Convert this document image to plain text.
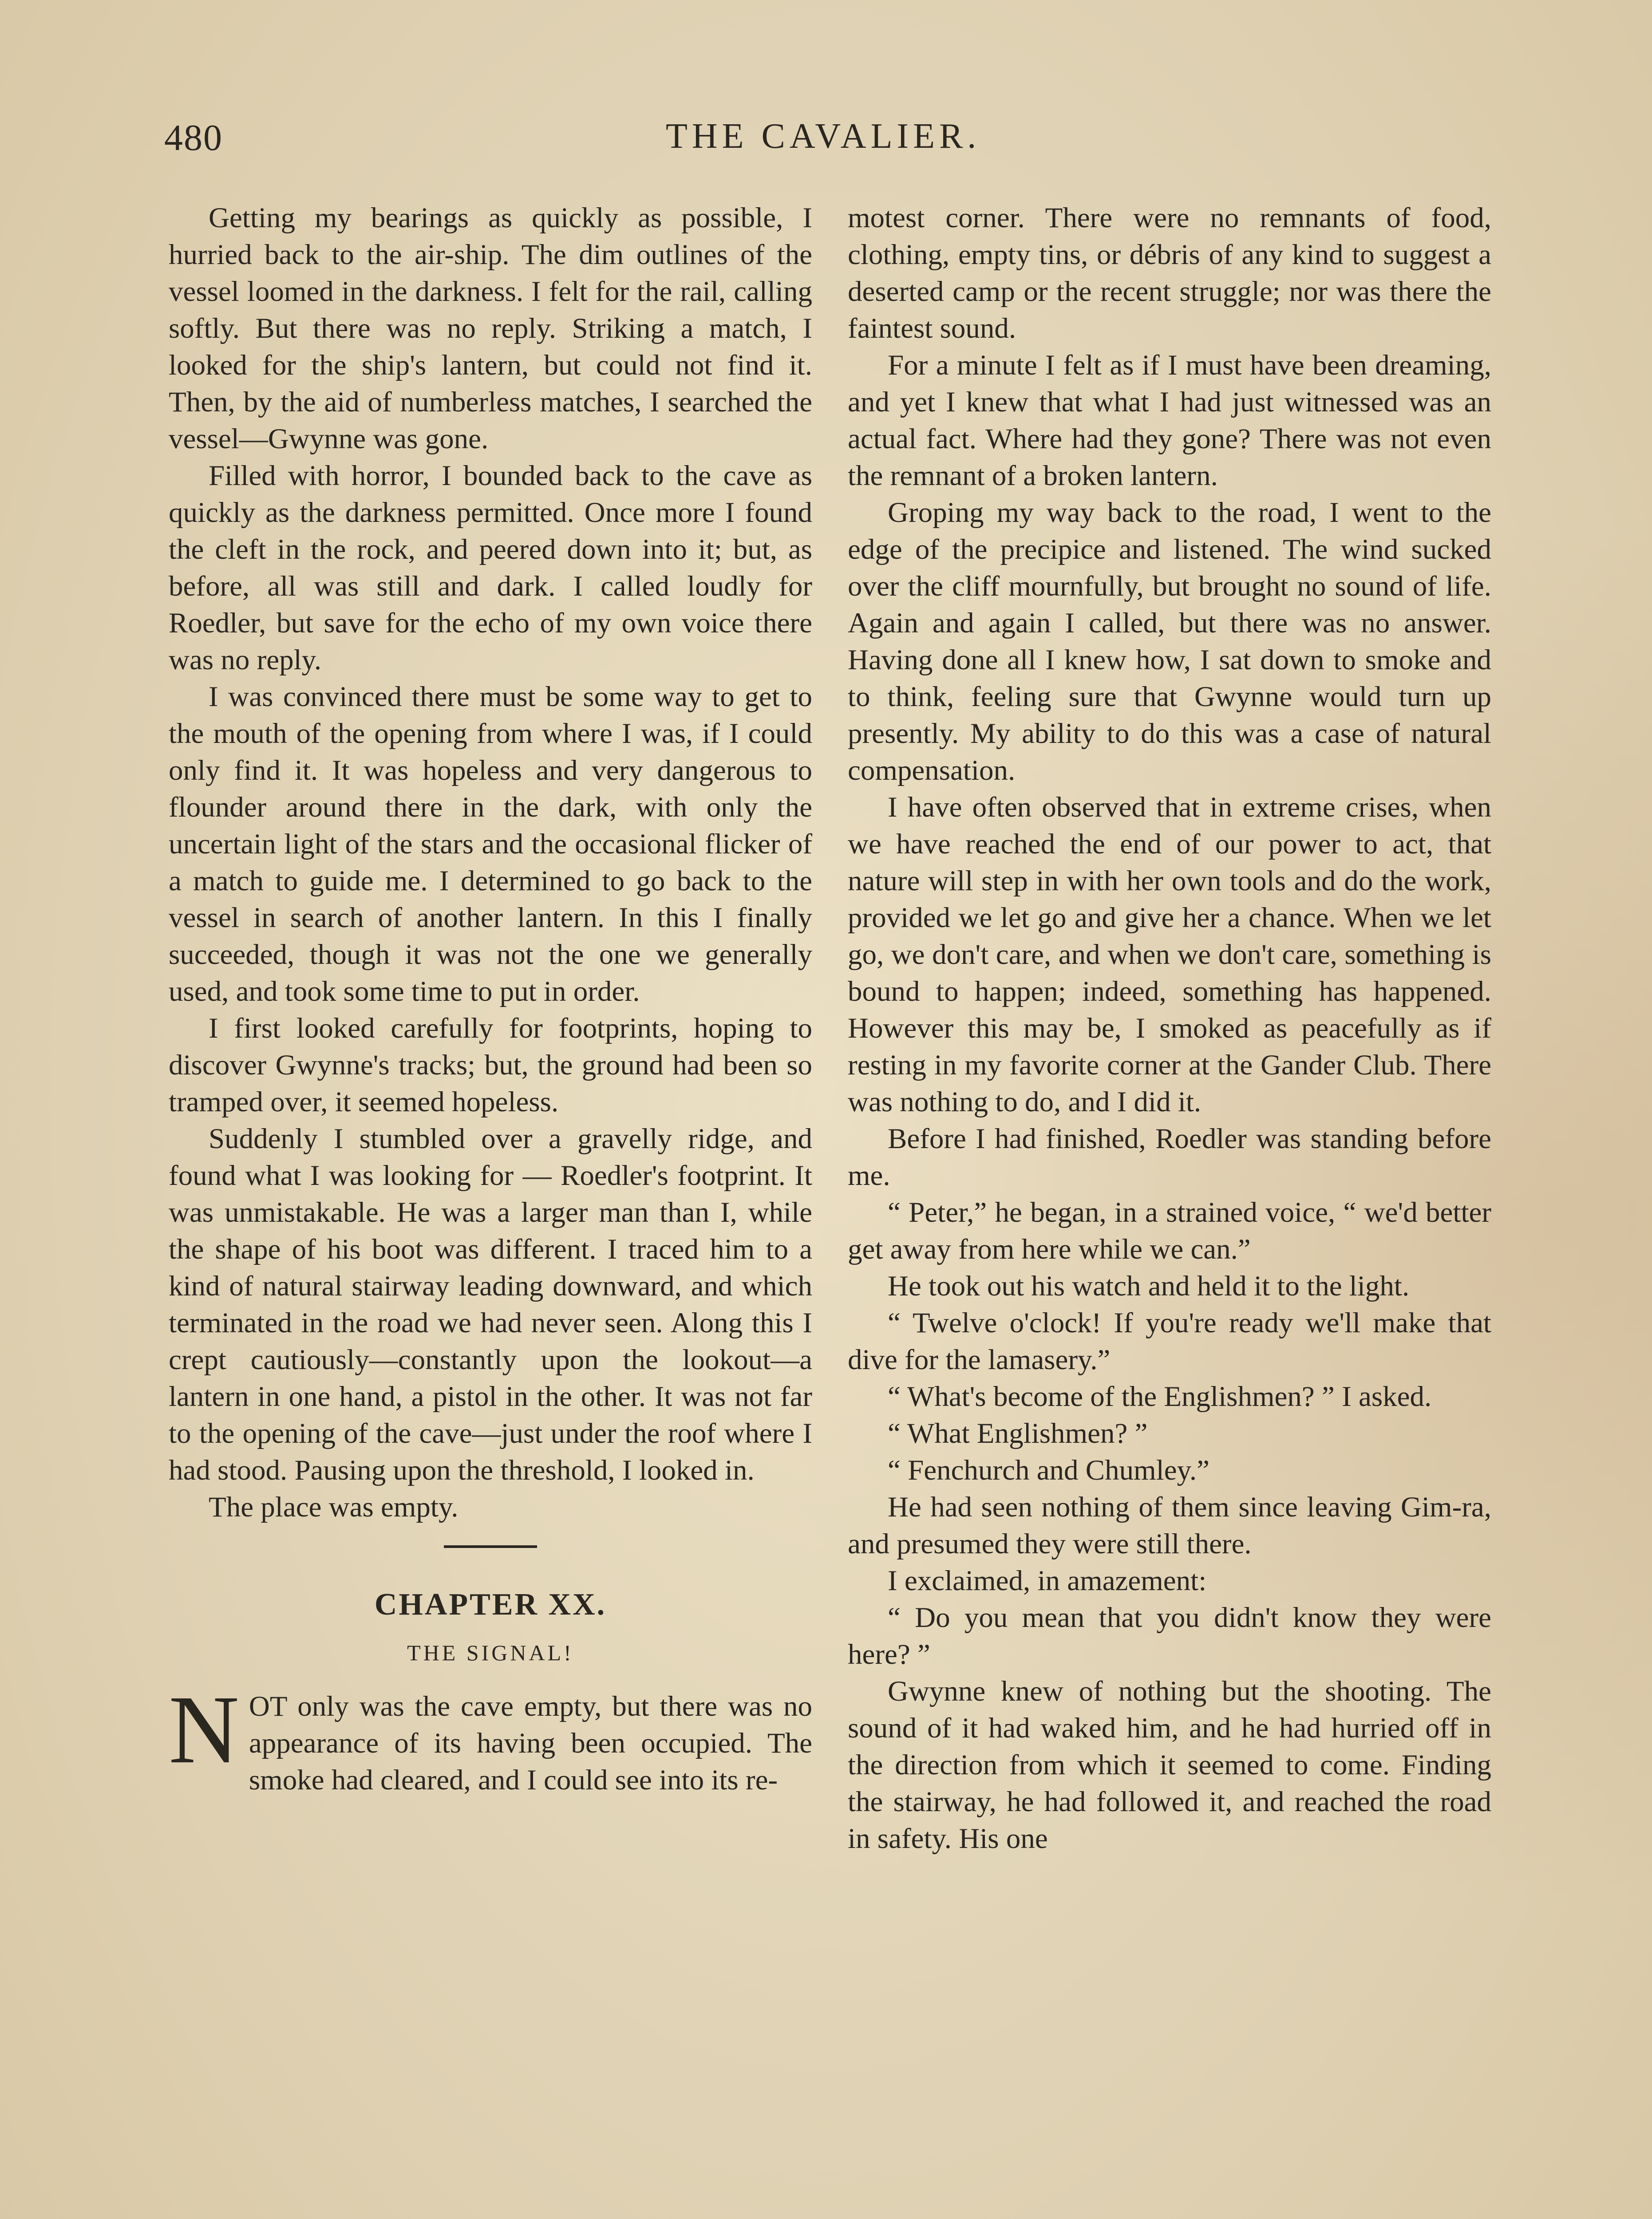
480	THE CAVALIER.

Getting my bearings as quickly as possible, I hurried back to the air-ship. The dim outlines of the vessel loomed in the darkness. I felt for the rail, calling softly. But there was no reply. Striking a match, I looked for the ship's lantern, but could not find it. Then, by the aid of numberless matches, I searched the vessel—Gwynne was gone.

Filled with horror, I bounded back to the cave as quickly as the darkness permitted. Once more I found the cleft in the rock, and peered down into it; but, as before, all was still and dark. I called loudly for Roedler, but save for the echo of my own voice there was no reply.

I was convinced there must be some way to get to the mouth of the opening from where I was, if I could only find it. It was hopeless and very dangerous to flounder around there in the dark, with only the uncertain light of the stars and the occasional flicker of a match to guide me. I determined to go back to the vessel in search of another lantern. In this I finally succeeded, though it was not the one we generally used, and took some time to put in order.

I first looked carefully for footprints, hoping to discover Gwynne's tracks; but, the ground had been so tramped over, it seemed hopeless.

Suddenly I stumbled over a gravelly ridge, and found what I was looking for — Roedler's footprint. It was unmistakable. He was a larger man than I, while the shape of his boot was different. I traced him to a kind of natural stairway leading downward, and which terminated in the road we had never seen. Along this I crept cautiously—constantly upon the lookout—a lantern in one hand, a pistol in the other. It was not far to the opening of the cave—just under the roof where I had stood. Pausing upon the threshold, I looked in.

The place was empty.

CHAPTER XX.
THE SIGNAL!

NOT only was the cave empty, but there was no appearance of its having been occupied. The smoke had cleared, and I could see into its re-

motest corner. There were no remnants of food, clothing, empty tins, or débris of any kind to suggest a deserted camp or the recent struggle; nor was there the faintest sound.

For a minute I felt as if I must have been dreaming, and yet I knew that what I had just witnessed was an actual fact. Where had they gone? There was not even the remnant of a broken lantern.

Groping my way back to the road, I went to the edge of the precipice and listened. The wind sucked over the cliff mournfully, but brought no sound of life. Again and again I called, but there was no answer. Having done all I knew how, I sat down to smoke and to think, feeling sure that Gwynne would turn up presently. My ability to do this was a case of natural compensation.

I have often observed that in extreme crises, when we have reached the end of our power to act, that nature will step in with her own tools and do the work, provided we let go and give her a chance. When we let go, we don't care, and when we don't care, something is bound to happen; indeed, something has happened. However this may be, I smoked as peacefully as if resting in my favorite corner at the Gander Club. There was nothing to do, and I did it.

Before I had finished, Roedler was standing before me.

“ Peter,” he began, in a strained voice, “ we'd better get away from here while we can.”

He took out his watch and held it to the light.

“ Twelve o'clock! If you're ready we'll make that dive for the lamasery.”

“ What's become of the Englishmen? ” I asked.

“ What Englishmen? ”

“ Fenchurch and Chumley.”

He had seen nothing of them since leaving Gim-ra, and presumed they were still there.

I exclaimed, in amazement:

“ Do you mean that you didn't know they were here? ”

Gwynne knew of nothing but the shooting. The sound of it had waked him, and he had hurried off in the direction from which it seemed to come. Finding the stairway, he had followed it, and reached the road in safety. His one
